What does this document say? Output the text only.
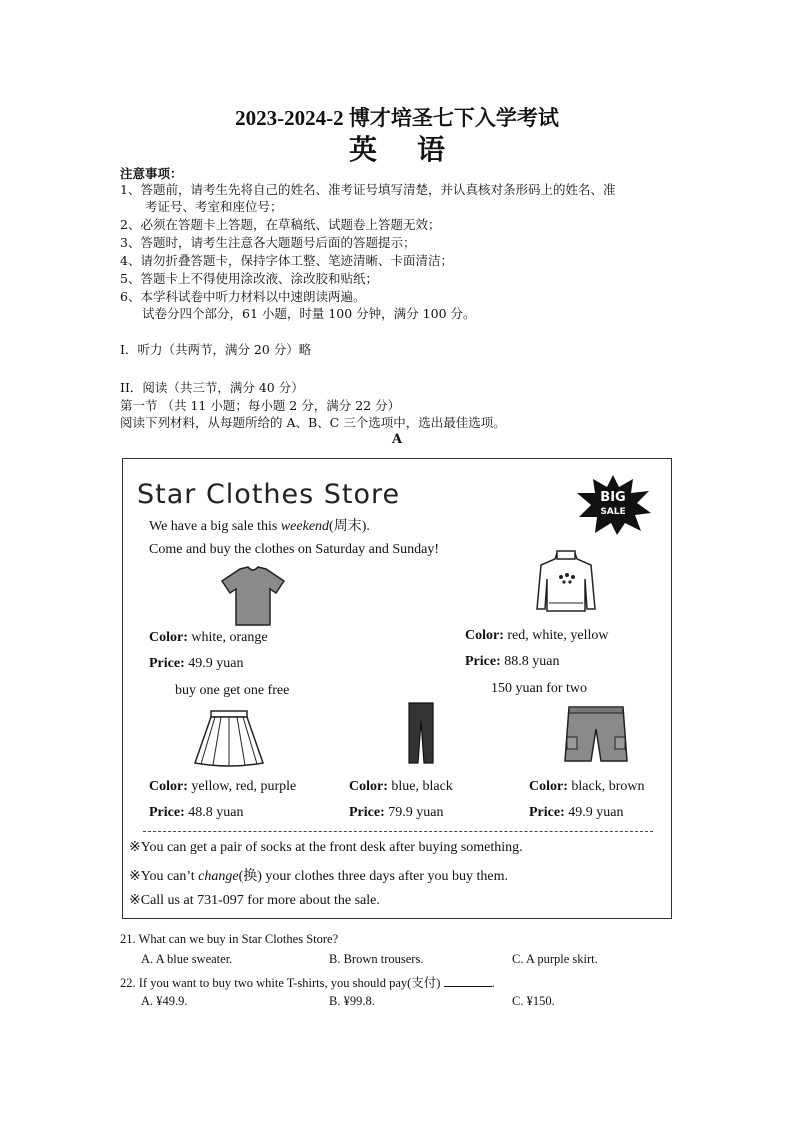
2023-2024-2 博才培圣七下入学考试
英语
注意事项：
1、答题前，请考生先将自己的姓名、准考证号填写清楚，并认真核对条形码上的姓名、准
考证号、考室和座位号；
2、必须在答题卡上答题，在草稿纸、试题卷上答题无效；
3、答题时，请考生注意各大题题号后面的答题提示；
4、请勿折叠答题卡，保持字体工整、笔迹清晰、卡面清洁；
5、答题卡上不得使用涂改液、涂改胶和贴纸；
6、本学科试卷中听力材料以中速朗读两遍。
试卷分四个部分，61 小题，时量 100 分钟，满分 100 分。
I．听力（共两节，满分 20 分）略
II．阅读（共三节，满分 40 分）
第一节 （共 11 小题；每小题 2 分，满分 22 分）
阅读下列材料，从每题所给的 A、B、C 三个选项中，选出最佳选项。
A
Star Clothes Store	BIG
SALE
We have a big sale this weekend(周末).
Come and buy the clothes on Saturday and Sunday!
Color: white, orange
Price: 49.9 yuan
buy one get one free
Color: red, white, yellow
Price: 88.8 yuan
150 yuan for two
Color: yellow, red, purple
Price: 48.8 yuan
Color: blue, black
Price: 79.9 yuan
Color: black, brown
Price: 49.9 yuan
※You can get a pair of socks at the front desk after buying something.
※You can’t change(换) your clothes three days after you buy them.
※Call us at 731-097 for more about the sale.
21. What can we buy in Star Clothes Store?
A. A blue sweater.	B. Brown trousers.	C. A purple skirt.
22. If you want to buy two white T-shirts, you should pay(支付)	.
A. ¥49.9.	B. ¥99.8.	C. ¥150.
